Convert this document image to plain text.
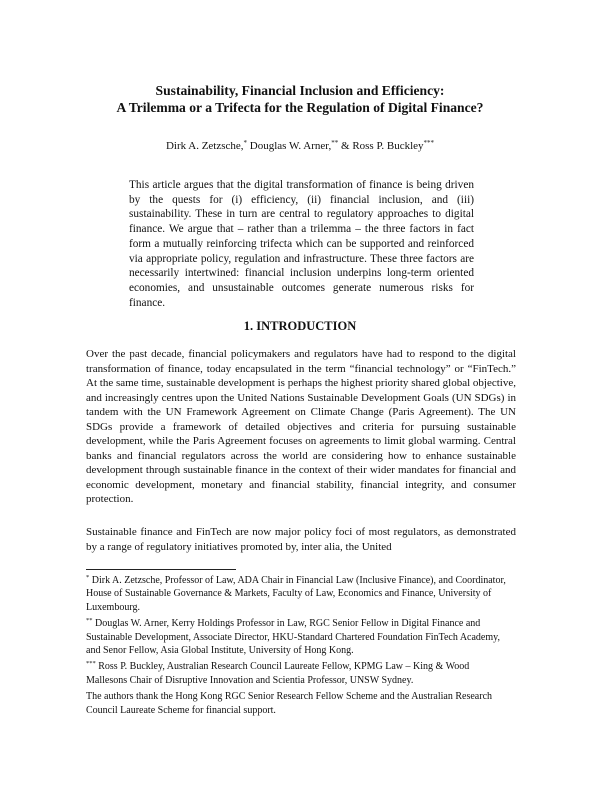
Sustainability, Financial Inclusion and Efficiency:
A Trilemma or a Trifecta for the Regulation of Digital Finance?
Dirk A. Zetzsche,* Douglas W. Arner,** & Ross P. Buckley***
This article argues that the digital transformation of finance is being driven by the quests for (i) efficiency, (ii) financial inclusion, and (iii) sustainability. These in turn are central to regulatory approaches to digital finance. We argue that – rather than a trilemma – the three factors in fact form a mutually reinforcing trifecta which can be supported and reinforced via appropriate policy, regulation and infrastructure. These three factors are necessarily intertwined: financial inclusion underpins long-term oriented economies, and unsustainable outcomes generate numerous risks for finance.
1. INTRODUCTION
Over the past decade, financial policymakers and regulators have had to respond to the digital transformation of finance, today encapsulated in the term “financial technology” or “FinTech.” At the same time, sustainable development is perhaps the highest priority shared global objective, and increasingly centres upon the United Nations Sustainable Development Goals (UN SDGs) in tandem with the UN Framework Agreement on Climate Change (Paris Agreement). The UN SDGs provide a framework of detailed objectives and criteria for pursuing sustainable development, while the Paris Agreement focuses on agreements to limit global warming. Central banks and financial regulators across the world are considering how to enhance sustainable development through sustainable finance in the context of their wider mandates for financial and economic development, monetary and financial stability, financial integrity, and consumer protection.
Sustainable finance and FinTech are now major policy foci of most regulators, as demonstrated by a range of regulatory initiatives promoted by, inter alia, the United
* Dirk A. Zetzsche, Professor of Law, ADA Chair in Financial Law (Inclusive Finance), and Coordinator, House of Sustainable Governance & Markets, Faculty of Law, Economics and Finance, University of Luxembourg.
** Douglas W. Arner, Kerry Holdings Professor in Law, RGC Senior Fellow in Digital Finance and Sustainable Development, Associate Director, HKU-Standard Chartered Foundation FinTech Academy, and Senor Fellow, Asia Global Institute, University of Hong Kong.
*** Ross P. Buckley, Australian Research Council Laureate Fellow, KPMG Law – King & Wood Mallesons Chair of Disruptive Innovation and Scientia Professor, UNSW Sydney.
The authors thank the Hong Kong RGC Senior Research Fellow Scheme and the Australian Research Council Laureate Scheme for financial support.
